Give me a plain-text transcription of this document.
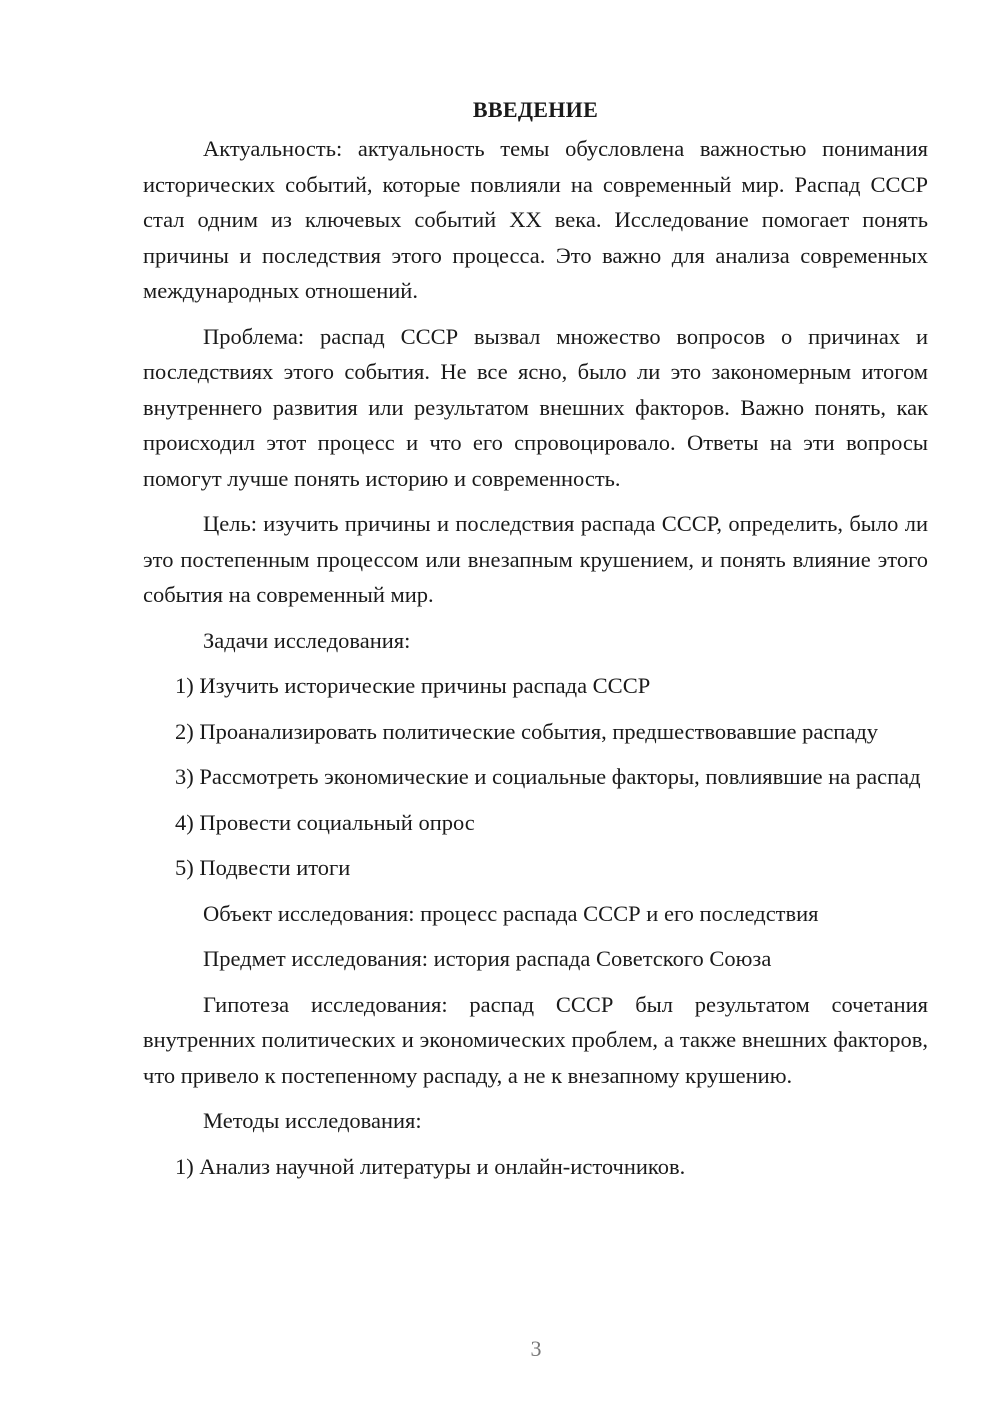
ВВЕДЕНИЕ

Актуальность: актуальность темы обусловлена важностью понимания исторических событий, которые повлияли на современный мир. Распад СССР стал одним из ключевых событий XX века. Исследование помогает понять причины и последствия этого процесса. Это важно для анализа современных международных отношений.

Проблема: распад СССР вызвал множество вопросов о причинах и последствиях этого события. Не все ясно, было ли это закономерным итогом внутреннего развития или результатом внешних факторов. Важно понять, как происходил этот процесс и что его спровоцировало. Ответы на эти вопросы помогут лучше понять историю и современность.

Цель: изучить причины и последствия распада СССР, определить, было ли это постепенным процессом или внезапным крушением, и понять влияние этого события на современный мир.

Задачи исследования:

1) Изучить исторические причины распада СССР

2) Проанализировать политические события, предшествовавшие распаду

3) Рассмотреть экономические и социальные факторы, повлиявшие на распад

4) Провести социальный опрос

5) Подвести итоги

Объект исследования: процесс распада СССР и его последствия

Предмет исследования: история распада Советского Союза

Гипотеза исследования: распад СССР был результатом сочетания внутренних политических и экономических проблем, а также внешних факторов, что привело к постепенному распаду, а не к внезапному крушению.

Методы исследования:

1) Анализ научной литературы и онлайн-источников.

3
